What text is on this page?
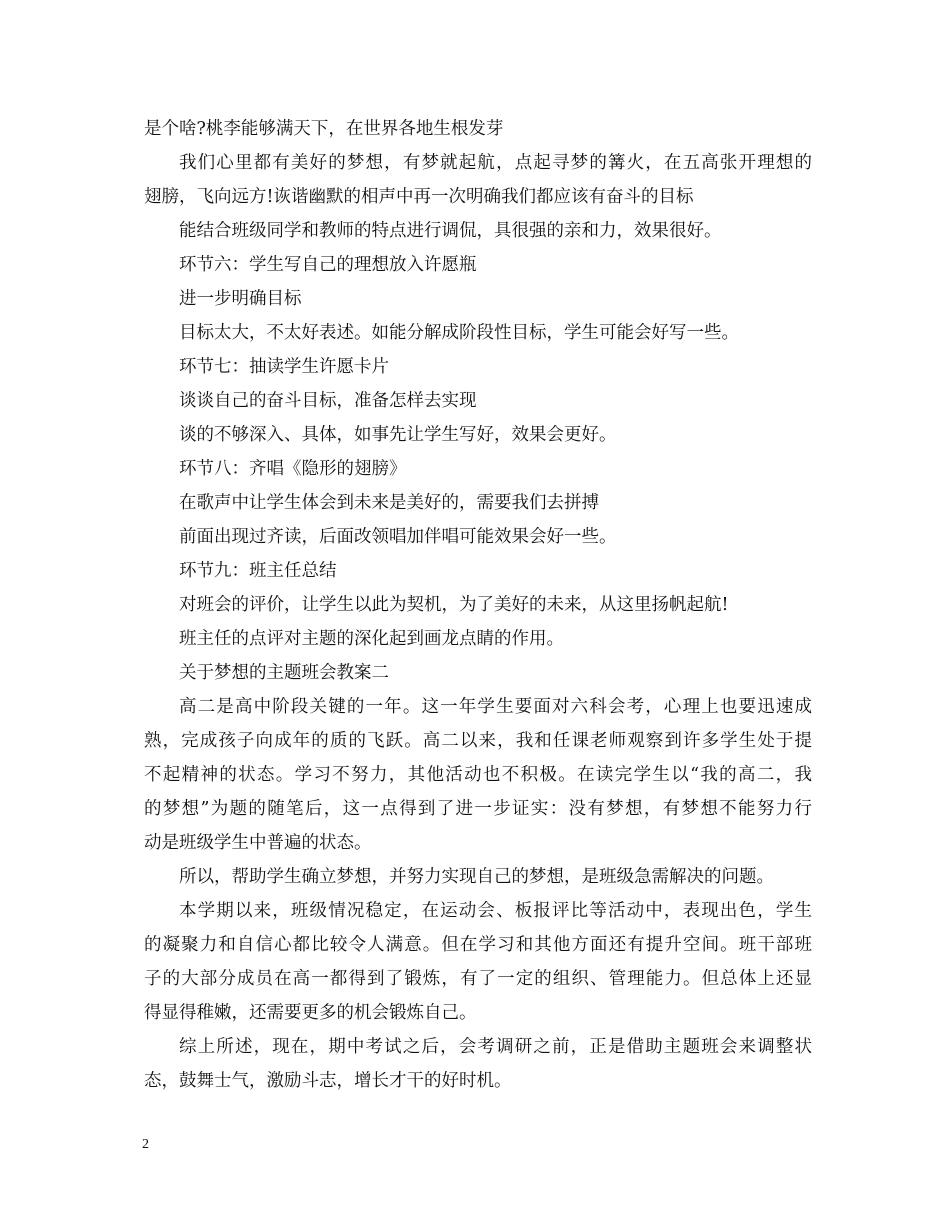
是个啥?桃李能够满天下，在世界各地生根发芽
我们心里都有美好的梦想，有梦就起航，点起寻梦的篝火，在五高张开理想的
翅膀，飞向远方!诙谐幽默的相声中再一次明确我们都应该有奋斗的目标
能结合班级同学和教师的特点进行调侃，具很强的亲和力，效果很好。
环节六：学生写自己的理想放入许愿瓶
进一步明确目标
目标太大，不太好表述。如能分解成阶段性目标，学生可能会好写一些。
环节七：抽读学生许愿卡片
谈谈自己的奋斗目标，准备怎样去实现
谈的不够深入、具体，如事先让学生写好，效果会更好。
环节八：齐唱《隐形的翅膀》
在歌声中让学生体会到未来是美好的，需要我们去拼搏
前面出现过齐读，后面改领唱加伴唱可能效果会好一些。
环节九：班主任总结
对班会的评价，让学生以此为契机，为了美好的未来，从这里扬帆起航!
班主任的点评对主题的深化起到画龙点睛的作用。
关于梦想的主题班会教案二
高二是高中阶段关键的一年。这一年学生要面对六科会考，心理上也要迅速成
熟，完成孩子向成年的质的飞跃。高二以来，我和任课老师观察到许多学生处于提
不起精神的状态。学习不努力，其他活动也不积极。在读完学生以“我的高二，我
的梦想”为题的随笔后，这一点得到了进一步证实：没有梦想，有梦想不能努力行
动是班级学生中普遍的状态。
所以，帮助学生确立梦想，并努力实现自己的梦想，是班级急需解决的问题。
本学期以来，班级情况稳定，在运动会、板报评比等活动中，表现出色，学生
的凝聚力和自信心都比较令人满意。但在学习和其他方面还有提升空间。班干部班
子的大部分成员在高一都得到了锻炼，有了一定的组织、管理能力。但总体上还显
得显得稚嫩，还需要更多的机会锻炼自己。
综上所述，现在，期中考试之后，会考调研之前，正是借助主题班会来调整状
态，鼓舞士气，激励斗志，增长才干的好时机。
2
